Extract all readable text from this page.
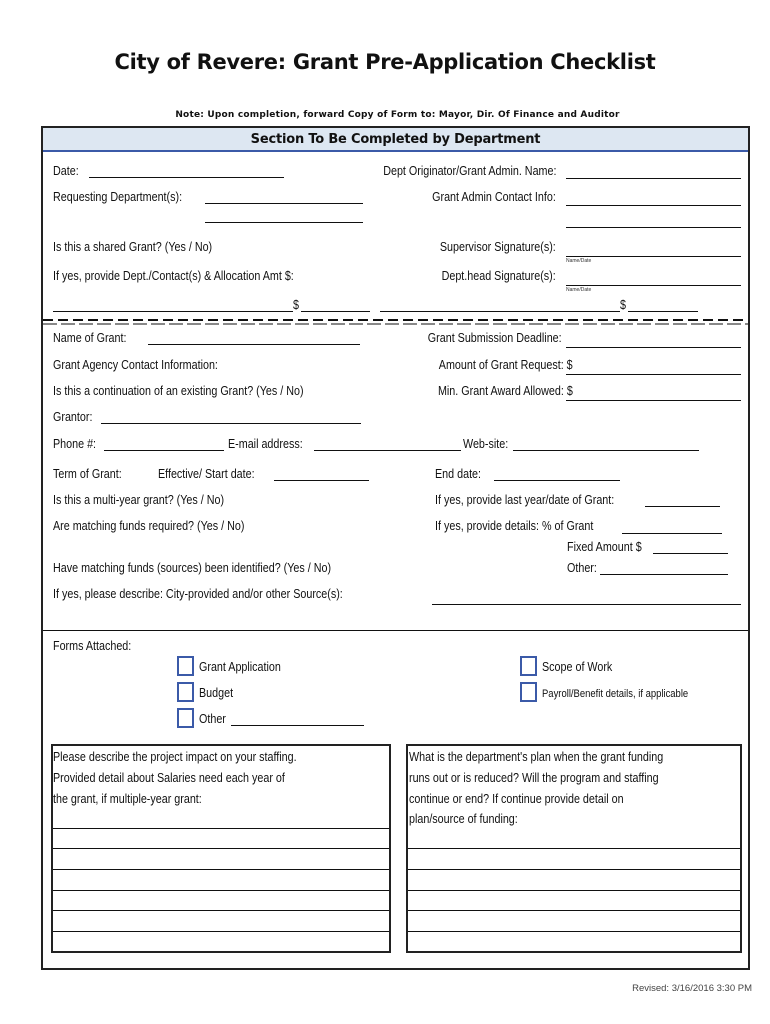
City of Revere: Grant Pre-Application Checklist
Note: Upon completion, forward Copy of Form to: Mayor, Dir. Of Finance and Auditor
Section To Be Completed by Department
Date:	Dept Originator/Grant Admin. Name:
Requesting Department(s):	Grant Admin Contact Info:
Is this a shared Grant? (Yes / No)	Supervisor Signature(s):
Name/Date
If yes, provide Dept./Contact(s) & Allocation Amt $:	Dept.head Signature(s):
Name/Date
$	$
Name of Grant:	Grant Submission Deadline:
Grant Agency Contact Information:	Amount of Grant Request: $
Is this a continuation of an existing Grant? (Yes / No)	Min. Grant Award Allowed: $
Grantor:
Phone #:	E-mail address:	Web-site:
Term of Grant:	Effective/ Start date:	End date:
Is this a multi-year grant? (Yes / No)	If yes, provide last year/date of Grant:
Are matching funds required? (Yes / No)	If yes, provide details: % of Grant
Fixed Amount $
Have matching funds (sources) been identified? (Yes / No)	Other:
If yes, please describe: City-provided and/or other Source(s):
Forms Attached:
Grant Application	Scope of Work
Budget	Payroll/Benefit details, if applicable
Other
Please describe the project impact on your staffing.
Provided detail about Salaries need each year of
the grant, if multiple-year grant:
What is the department's plan when the grant funding
runs out or is reduced? Will the program and staffing
continue or end? If continue provide detail on
plan/source of funding:
Revised: 3/16/2016 3:30 PM
